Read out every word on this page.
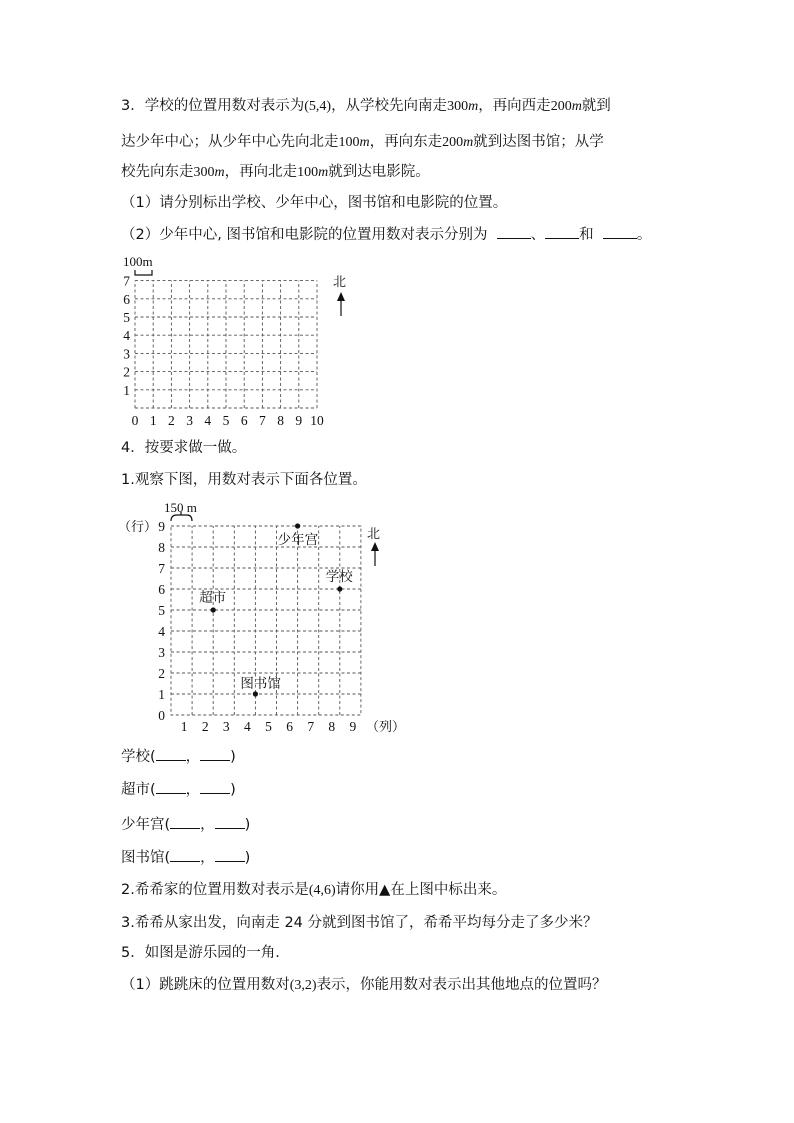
3．学校的位置用数对表示为(5,4)，从学校先向南走300m，再向西走200m就到
达少年中心；从少年中心先向北走100m，再向东走200m就到达图书馆；从学
校先向东走300m，再向北走100m就到达电影院。
（1）请分别标出学校、少年中心，图书馆和电影院的位置。
（2）少年中心, 图书馆和电影院的位置用数对表示分别为	、 和	。
100m
北
0 1 2 3 4 5 6 7 8 9 10
1
2
3
4
5
6
7
4．按要求做一做。
1.观察下图，用数对表示下面各位置。
150 m
（行）
（列）
北
1 2 3 4 5 6 7 8 9
0
1
2
3
4
5
6
7
8
9
少年宫
学校
超市
图书馆
学校( ， )
超市( ， )
少年宫( ， )
图书馆( ， )
2.希希家的位置用数对表示是(4,6)请你用▲在上图中标出来。
3.希希从家出发，向南走 24 分就到图书馆了，希希平均每分走了多少米？
5．如图是游乐园的一角.
（1）跳跳床的位置用数对(3,2)表示，你能用数对表示出其他地点的位置吗？
